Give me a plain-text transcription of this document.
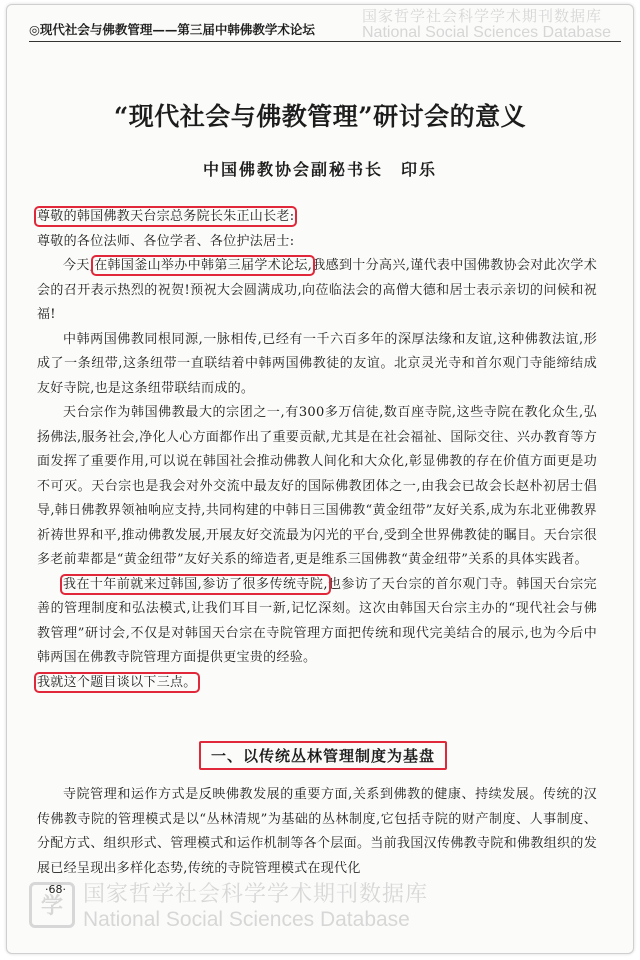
国家哲学社会科学学术期刊数据库
National Social Sciences Database
◎现代社会与佛教管理——第三届中韩佛教学术论坛
“现代社会与佛教管理”研讨会的意义
中国佛教协会副秘书长　印乐

尊敬的韩国佛教天台宗总务院长朱正山长老:

尊敬的各位法师、各位学者、各位护法居士:

今天,在韩国釜山举办中韩第三届学术论坛,我感到十分高兴,谨代表中国佛教协会对此次学术会的召开表示热烈的祝贺!预祝大会圆满成功,向莅临法会的高僧大德和居士表示亲切的问候和祝福!

中韩两国佛教同根同源,一脉相传,已经有一千六百多年的深厚法缘和友谊,这种佛教法谊,形成了一条纽带,这条纽带一直联结着中韩两国佛教徒的友谊。北京灵光寺和首尔观门寺能缔结成友好寺院,也是这条纽带联结而成的。

天台宗作为韩国佛教最大的宗团之一,有300多万信徒,数百座寺院,这些寺院在教化众生,弘扬佛法,服务社会,净化人心方面都作出了重要贡献,尤其是在社会福祉、国际交往、兴办教育等方面发挥了重要作用,可以说在韩国社会推动佛教人间化和大众化,彰显佛教的存在价值方面更是功不可灭。天台宗也是我会对外交流中最友好的国际佛教团体之一,由我会已故会长赵朴初居士倡导,韩日佛教界领袖响应支持,共同构建的中韩日三国佛教“黄金纽带”友好关系,成为东北亚佛教界祈祷世界和平,推动佛教发展,开展友好交流最为闪光的平台,受到全世界佛教徒的瞩目。天台宗很多老前辈都是“黄金纽带”友好关系的缔造者,更是维系三国佛教“黄金纽带”关系的具体实践者。

我在十年前就来过韩国,参访了很多传统寺院,也参访了天台宗的首尔观门寺。韩国天台宗完善的管理制度和弘法模式,让我们耳目一新,记忆深刻。这次由韩国天台宗主办的“现代社会与佛教管理”研讨会,不仅是对韩国天台宗在寺院管理方面把传统和现代完美结合的展示,也为今后中韩两国在佛教寺院管理方面提供更宝贵的经验。

我就这个题目谈以下三点。

一、以传统丛林管理制度为基盘

寺院管理和运作方式是反映佛教发展的重要方面,关系到佛教的健康、持续发展。传统的汉传佛教寺院的管理模式是以“丛林清规”为基础的丛林制度,它包括寺院的财产制度、人事制度、分配方式、组织形式、管理模式和运作机制等各个层面。当前我国汉传佛教寺院和佛教组织的发展已经呈现出多样化态势,传统的寺院管理模式在现代化

·68·
学 国家哲学社会科学学术期刊数据库
National Social Sciences Database
